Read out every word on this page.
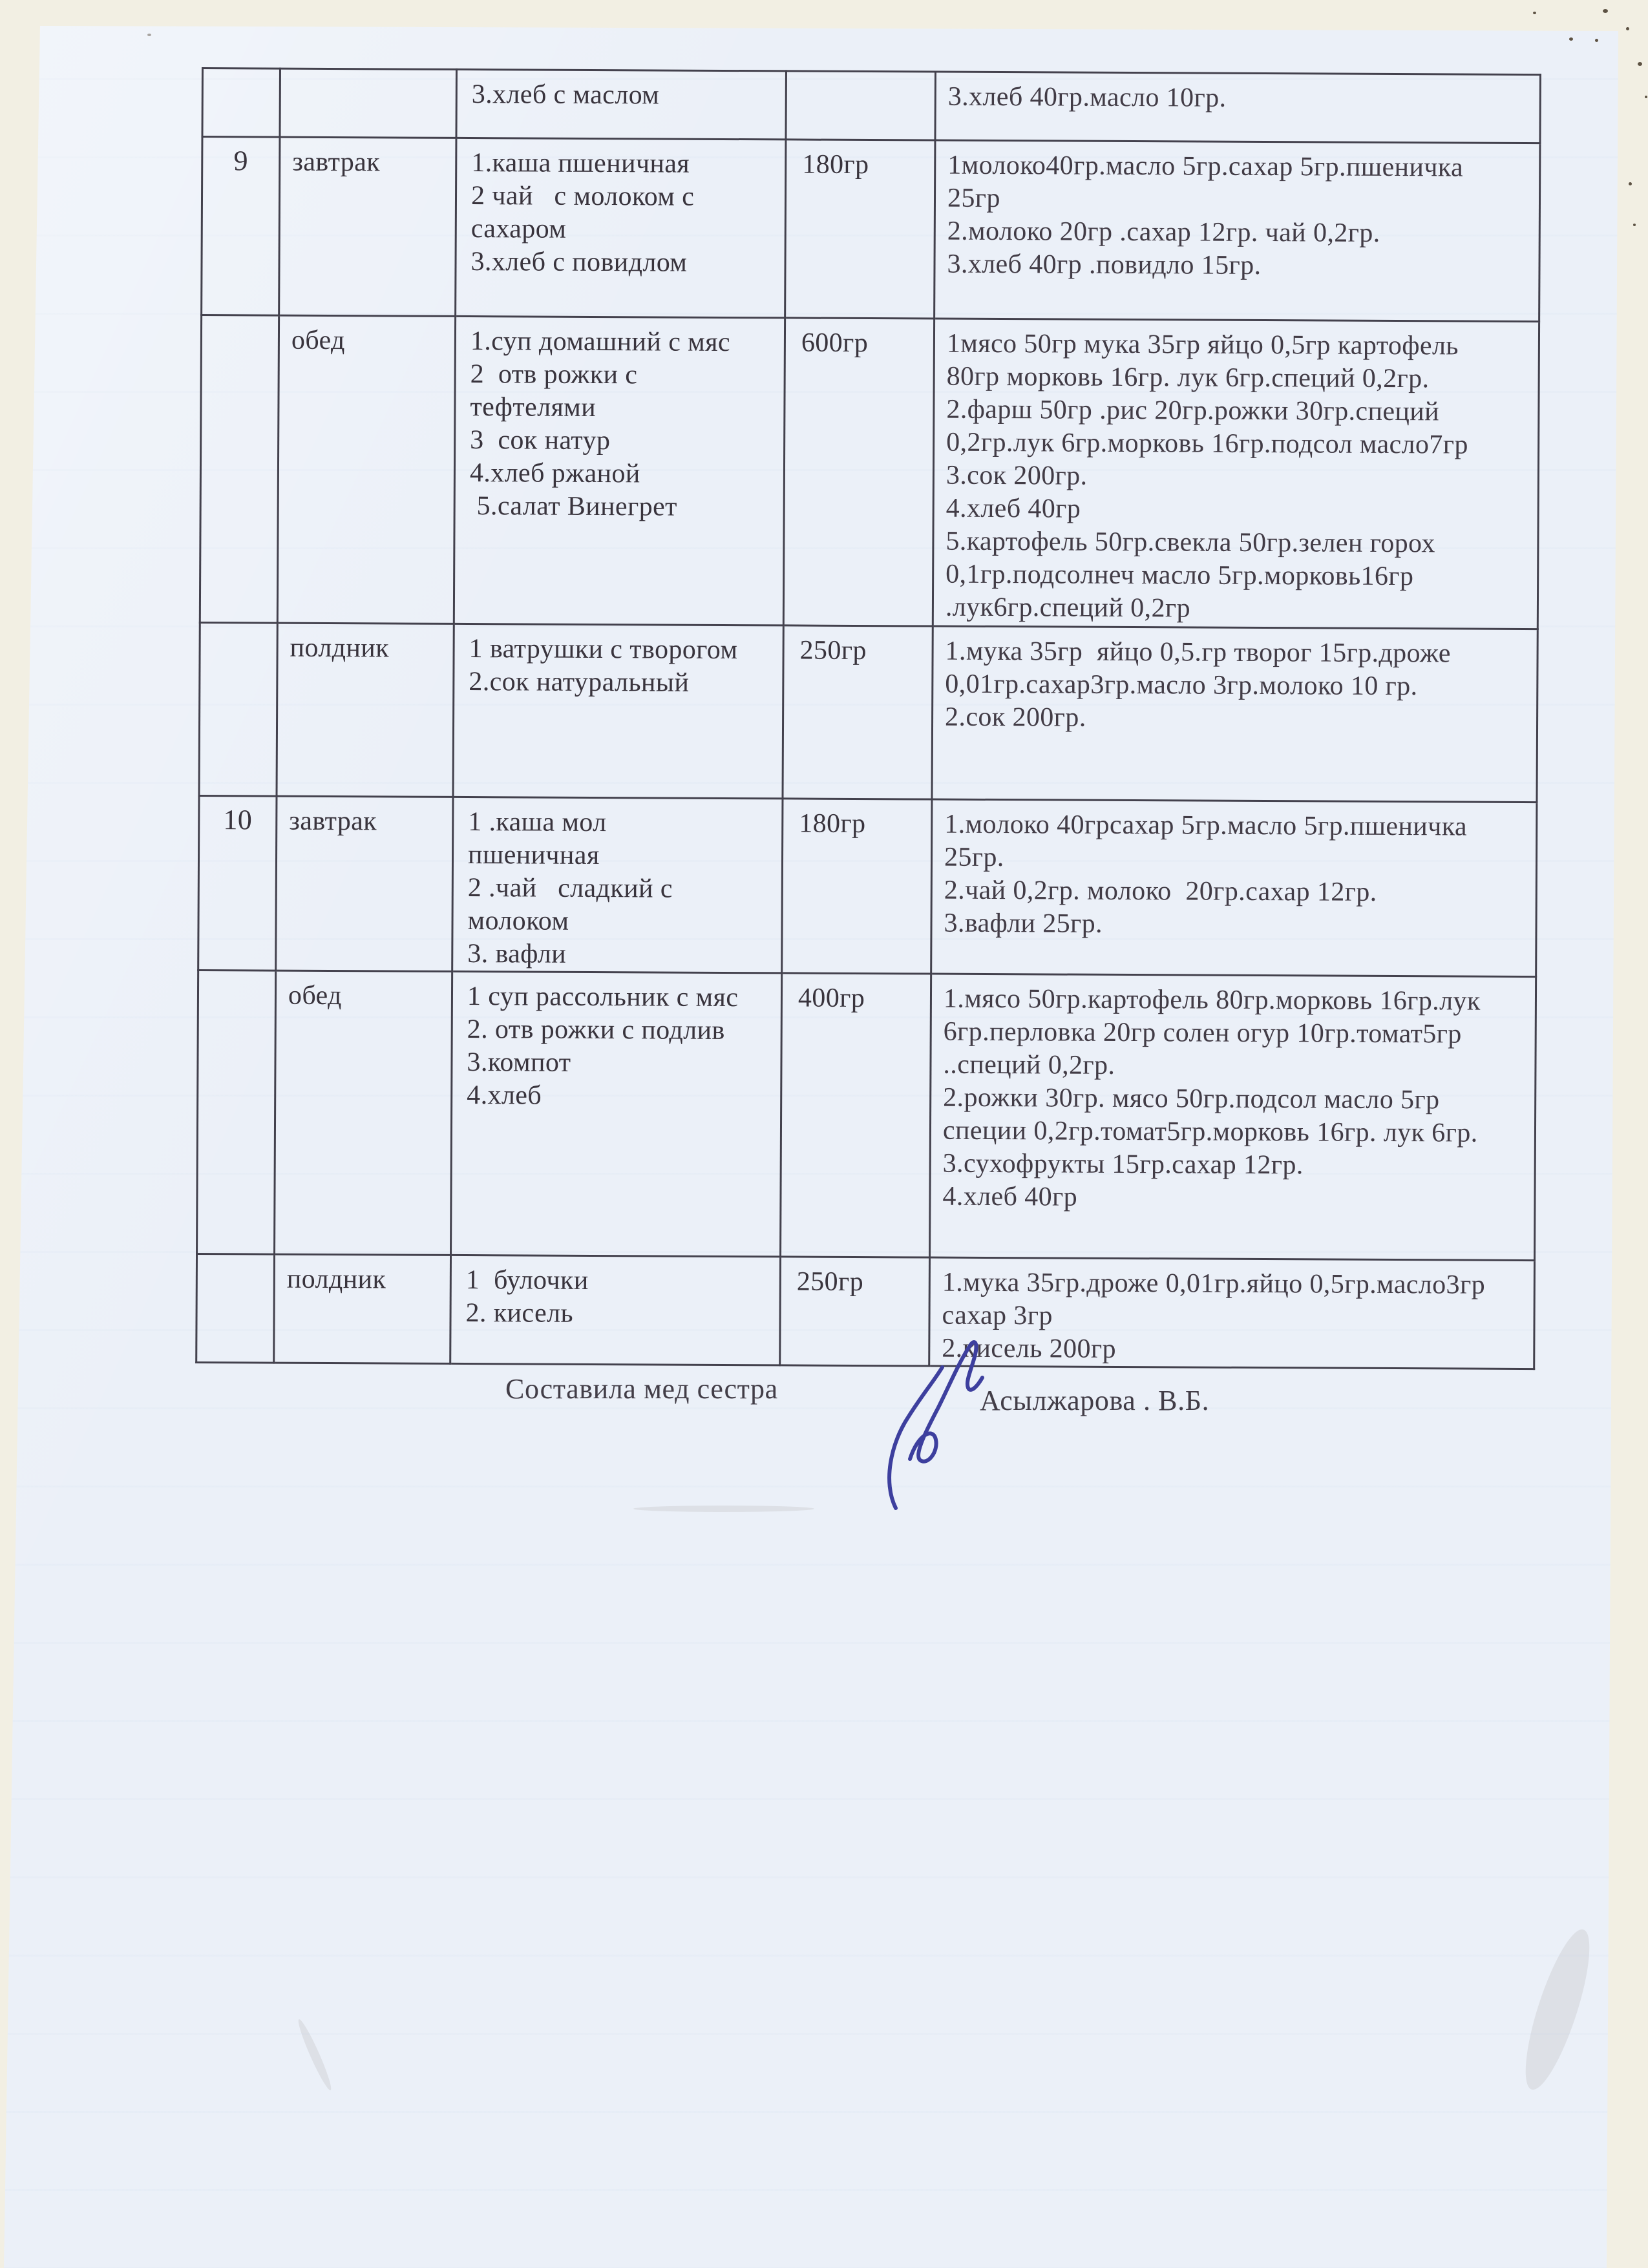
		3.хлеб с маслом		3.хлеб 40гр.масло 10гр.
9	завтрак	1.каша пшеничная
2 чай   с молоком с
сахаром
3.хлеб с повидлом	180гр	1молоко40гр.масло 5гр.сахар 5гр.пшеничка
25гр
2.молоко 20гр .сахар 12гр. чай 0,2гр.
3.хлеб 40гр .повидло 15гр.
	обед	1.суп домашний с мяс
2  отв рожки с
тефтелями
3  сок натур
4.хлеб ржаной
5.салат Винегрет	600гр	1мясо 50гр мука 35гр яйцо 0,5гр картофель
80гр морковь 16гр. лук 6гр.специй 0,2гр.
2.фарш 50гр .рис 20гр.рожки 30гр.специй
0,2гр.лук 6гр.морковь 16гр.подсол масло7гр
3.сок 200гр.
4.хлеб 40гр
5.картофель 50гр.свекла 50гр.зелен горох
0,1гр.подсолнеч масло 5гр.морковь16гр
.лук6гр.специй 0,2гр
	полдник	1 ватрушки с творогом
2.сок натуральный	250гр	1.мука 35гр  яйцо 0,5.гр творог 15гр.дроже
0,01гр.сахар3гр.масло 3гр.молоко 10 гр.
2.сок 200гр.
10	завтрак	1 .каша мол
пшеничная
2 .чай   сладкий с
молоком
3. вафли	180гр	1.молоко 40грсахар 5гр.масло 5гр.пшеничка
25гр.
2.чай 0,2гр. молоко  20гр.сахар 12гр.
3.вафли 25гр.
	обед	1 суп рассольник с мяс
2. отв рожки с подлив
3.компот
4.хлеб	400гр	1.мясо 50гр.картофель 80гр.морковь 16гр.лук
6гр.перловка 20гр солен огур 10гр.томат5гр
..специй 0,2гр.
2.рожки 30гр. мясо 50гр.подсол масло 5гр
специи 0,2гр.томат5гр.морковь 16гр. лук 6гр.
3.сухофрукты 15гр.сахар 12гр.
4.хлеб 40гр
	полдник	1  булочки
2. кисель	250гр	1.мука 35гр.дроже 0,01гр.яйцо 0,5гр.масло3гр
сахар 3гр
2.кисель 200гр
Составила мед сестра	Асылжарова . В.Б.
